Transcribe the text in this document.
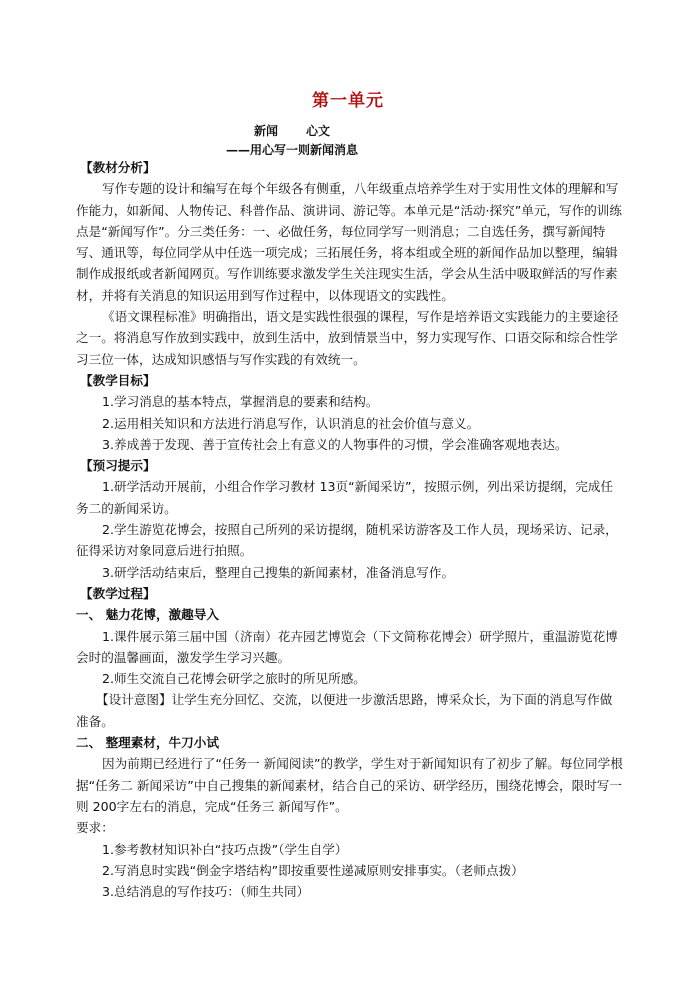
第一单元
新闻 心文
——用心写一则新闻消息

【教材分析】

写作专题的设计和编写在每个年级各有侧重，八年级重点培养学生对于实用性文体的理解和写作能力，如新闻、人物传记、科普作品、演讲词、游记等。本单元是“活动·探究”单元，写作的训练点是“新闻写作”。分三类任务：一、必做任务，每位同学写一则消息；二自选任务，撰写新闻特写、通讯等，每位同学从中任选一项完成；三拓展任务，将本组或全班的新闻作品加以整理，编辑制作成报纸或者新闻网页。写作训练要求激发学生关注现实生活，学会从生活中吸取鲜活的写作素材，并将有关消息的知识运用到写作过程中，以体现语文的实践性。

《语文课程标准》明确指出，语文是实践性很强的课程，写作是培养语文实践能力的主要途径之一。将消息写作放到实践中，放到生活中，放到情景当中，努力实现写作、口语交际和综合性学习三位一体，达成知识感悟与写作实践的有效统一。

【教学目标】

1.学习消息的基本特点，掌握消息的要素和结构。

2.运用相关知识和方法进行消息写作，认识消息的社会价值与意义。

3.养成善于发现、善于宣传社会上有意义的人物事件的习惯，学会准确客观地表达。

【预习提示】

1.研学活动开展前，小组合作学习教材 13页“新闻采访”，按照示例，列出采访提纲，完成任务二的新闻采访。

2.学生游览花博会，按照自己所列的采访提纲，随机采访游客及工作人员，现场采访、记录，征得采访对象同意后进行拍照。

3.研学活动结束后，整理自己搜集的新闻素材，准备消息写作。

【教学过程】

一、 魅力花博，激趣导入

1.课件展示第三届中国（济南）花卉园艺博览会（下文简称花博会）研学照片，重温游览花博会时的温馨画面，激发学生学习兴趣。

2.师生交流自己花博会研学之旅时的所见所感。

【设计意图】让学生充分回忆、交流，以便进一步激活思路，博采众长，为下面的消息写作做准备。

二、 整理素材，牛刀小试

因为前期已经进行了“任务一 新闻阅读”的教学，学生对于新闻知识有了初步了解。每位同学根据“任务二 新闻采访”中自己搜集的新闻素材，结合自己的采访、研学经历，围绕花博会，限时写一则 200字左右的消息，完成“任务三 新闻写作”。

要求：

1.参考教材知识补白“技巧点拨”（学生自学）

2.写消息时实践“倒金字塔结构”即按重要性递减原则安排事实。（老师点拨）

3.总结消息的写作技巧：（师生共同）
